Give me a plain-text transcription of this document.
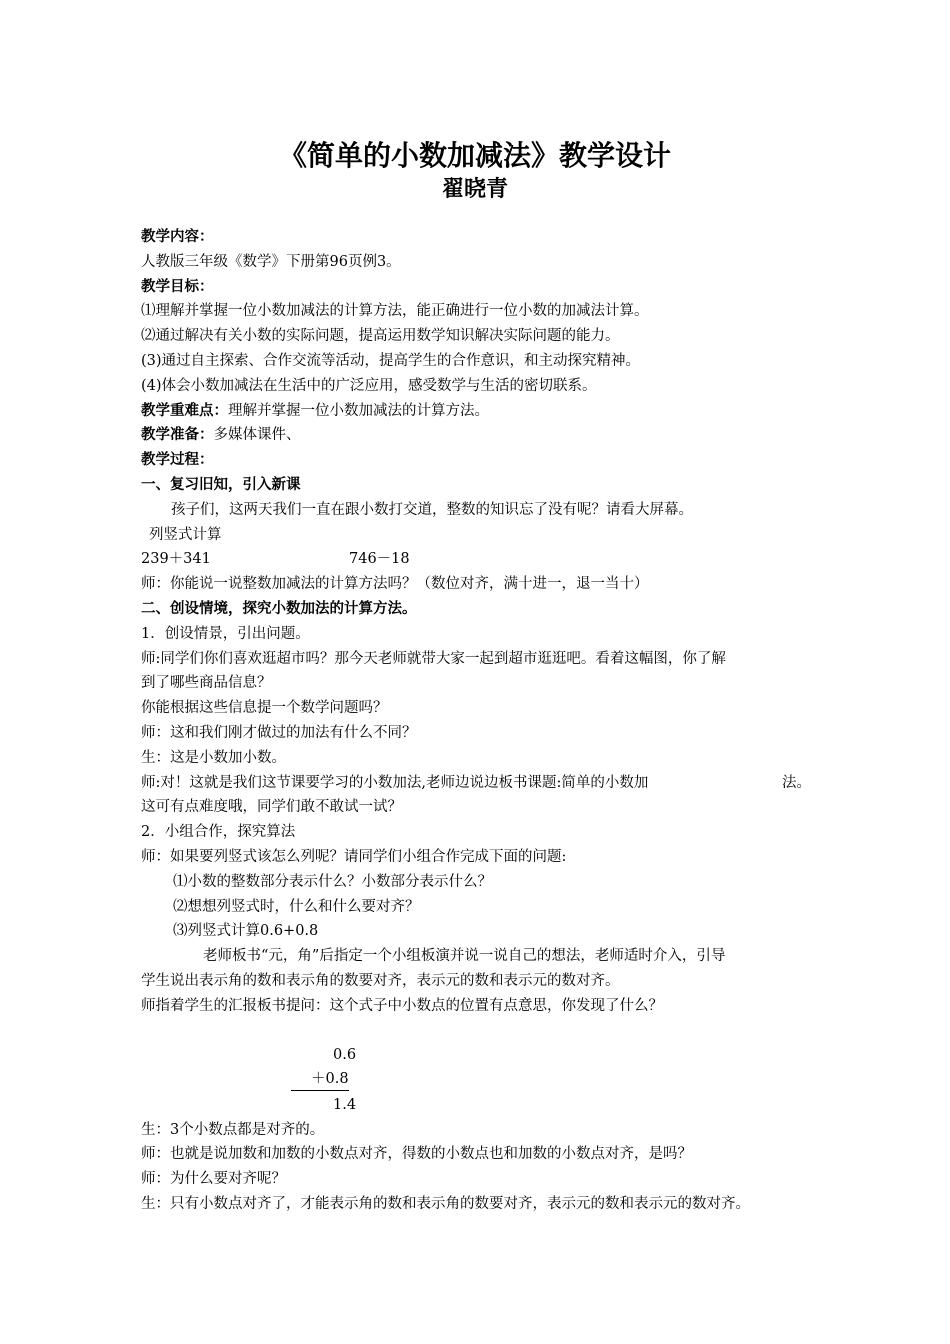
《简单的小数加减法》教学设计
翟晓青
教学内容：
人教版三年级《数学》下册第96页例3。
教学目标：
⑴理解并掌握一位小数加减法的计算方法，能正确进行一位小数的加减法计算。
⑵通过解决有关小数的实际问题，提高运用数学知识解决实际问题的能力。
(3)通过自主探索、合作交流等活动，提高学生的合作意识，和主动探究精神。
(4)体会小数加减法在生活中的广泛应用，感受数学与生活的密切联系。
教学重难点：理解并掌握一位小数加减法的计算方法。
教学准备：多媒体课件、
教学过程：
一、复习旧知，引入新课
孩子们，这两天我们一直在跟小数打交道，整数的知识忘了没有呢？请看大屏幕。
列竖式计算
239＋341	746－18
师：你能说一说整数加减法的计算方法吗？（数位对齐，满十进一，退一当十）
二、创设情境，探究小数加法的计算方法。
1．创设情景，引出问题。
师:同学们你们喜欢逛超市吗？那今天老师就带大家一起到超市逛逛吧。看着这幅图，你了解
到了哪些商品信息？
你能根据这些信息提一个数学问题吗？
师：这和我们刚才做过的加法有什么不同？
生：这是小数加小数。
师:对！这就是我们这节课要学习的小数加法,老师边说边板书课题:简单的小数加	法。
这可有点难度哦，同学们敢不敢试一试？
2．小组合作，探究算法
师：如果要列竖式该怎么列呢？请同学们小组合作完成下面的问题:
⑴小数的整数部分表示什么？小数部分表示什么？
⑵想想列竖式时，什么和什么要对齐？
⑶列竖式计算0.6+0.8
老师板书“元，角”后指定一个小组板演并说一说自己的想法，老师适时介入，引导
学生说出表示角的数和表示角的数要对齐，表示元的数和表示元的数对齐。
师指着学生的汇报板书提问：这个式子中小数点的位置有点意思，你发现了什么？
0.6
＋0.8
1.4
生：3个小数点都是对齐的。
师：也就是说加数和加数的小数点对齐，得数的小数点也和加数的小数点对齐，是吗？
师：为什么要对齐呢？
生：只有小数点对齐了，才能表示角的数和表示角的数要对齐，表示元的数和表示元的数对齐。
